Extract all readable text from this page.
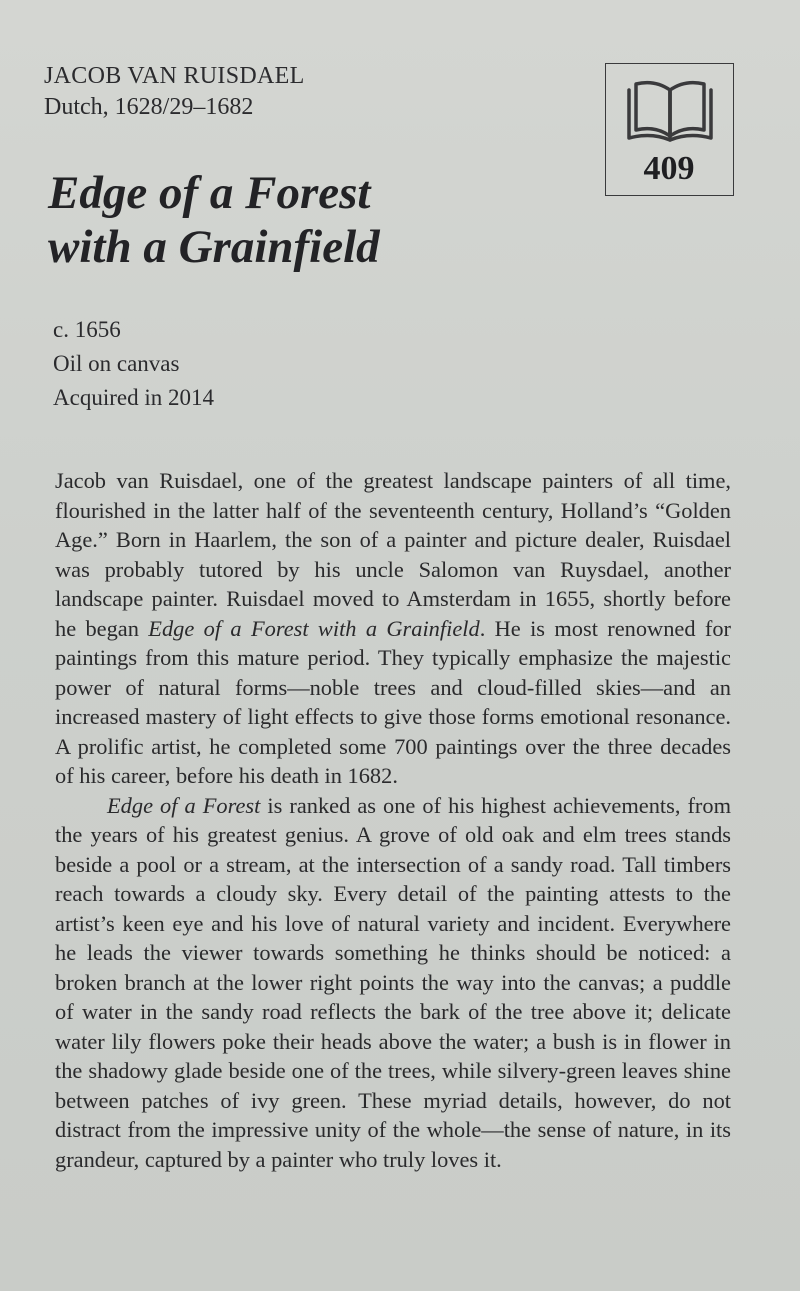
JACOB VAN RUISDAEL
Dutch, 1628/29–1682
Edge of a Forest
with a Grainfield
409
c. 1656
Oil on canvas
Acquired in 2014

Jacob van Ruisdael, one of the greatest landscape painters of all time, flourished in the latter half of the seventeenth century, Holland’s “Golden Age.” Born in Haarlem, the son of a painter and picture dealer, Ruisdael was probably tutored by his uncle Salomon van Ruysdael, another landscape painter. Ruisdael moved to Amsterdam in 1655, shortly before he began Edge of a Forest with a Grainfield. He is most renowned for paintings from this mature period. They typically emphasize the majestic power of natural forms—noble trees and cloud-filled skies—and an increased mastery of light effects to give those forms emotional resonance. A prolific artist, he completed some 700 paintings over the three decades of his career, before his death in 1682.

Edge of a Forest is ranked as one of his highest achievements, from the years of his greatest genius. A grove of old oak and elm trees stands beside a pool or a stream, at the intersection of a sandy road. Tall timbers reach towards a cloudy sky. Every detail of the painting attests to the artist’s keen eye and his love of natural variety and incident. Everywhere he leads the viewer towards something he thinks should be noticed: a broken branch at the lower right points the way into the canvas; a puddle of water in the sandy road reflects the bark of the tree above it; delicate water lily flowers poke their heads above the water; a bush is in flower in the shadowy glade beside one of the trees, while silvery-green leaves shine between patches of ivy green. These myriad details, however, do not distract from the impressive unity of the whole—the sense of nature, in its grandeur, captured by a painter who truly loves it.
